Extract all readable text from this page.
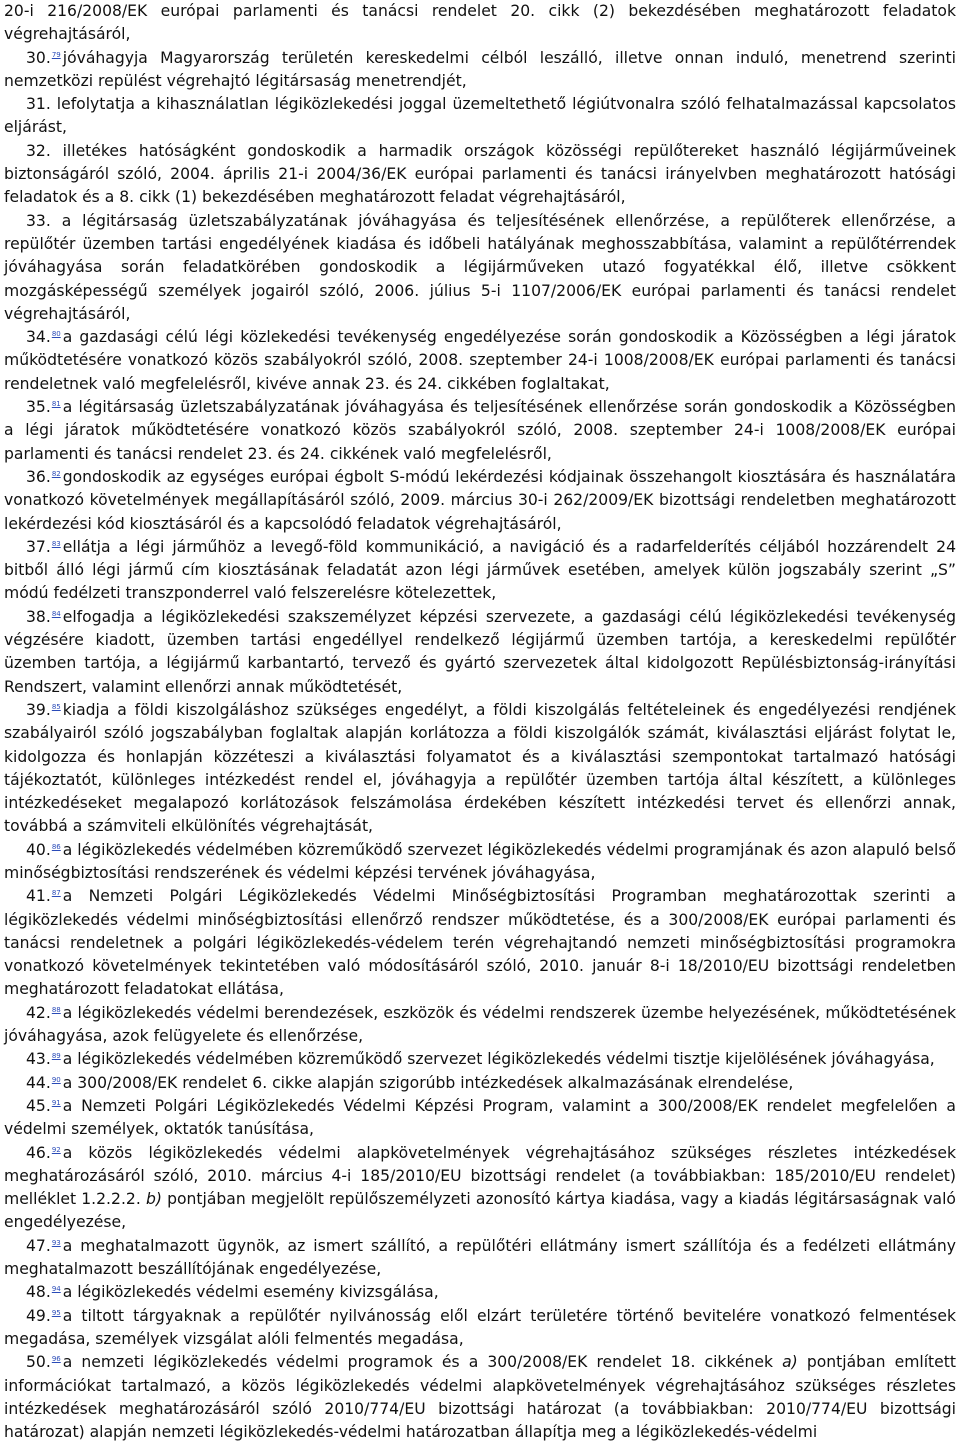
20-i 216/2008/EK európai parlamenti és tanácsi rendelet 20. cikk (2) bekezdésében meghatározott feladatok végrehajtásáról,

30.79 jóváhagyja Magyarország területén kereskedelmi célból leszálló, illetve onnan induló, menetrend szerinti nemzetközi repülést végrehajtó légitársaság menetrendjét,

31. lefolytatja a kihasználatlan légiközlekedési joggal üzemeltethető légiútvonalra szóló felhatalmazással kapcsolatos eljárást,

32. illetékes hatóságként gondoskodik a harmadik országok közösségi repülőtereket használó légijárműveinek biztonságáról szóló, 2004. április 21-i 2004/36/EK európai parlamenti és tanácsi irányelvben meghatározott hatósági feladatok és a 8. cikk (1) bekezdésében meghatározott feladat végrehajtásáról,

33. a légitársaság üzletszabályzatának jóváhagyása és teljesítésének ellenőrzése, a repülőterek ellenőrzése, a repülőtér üzemben tartási engedélyének kiadása és időbeli hatályának meghosszabbítása, valamint a repülőtérrendek jóváhagyása során feladatkörében gondoskodik a légijárműveken utazó fogyatékkal élő, illetve csökkent mozgásképességű személyek jogairól szóló, 2006. július 5-i 1107/2006/EK európai parlamenti és tanácsi rendelet végrehajtásáról,

34.80 a gazdasági célú légi közlekedési tevékenység engedélyezése során gondoskodik a Közösségben a légi járatok működtetésére vonatkozó közös szabályokról szóló, 2008. szeptember 24-i 1008/2008/EK európai parlamenti és tanácsi rendeletnek való megfelelésről, kivéve annak 23. és 24. cikkében foglaltakat,

35.81 a légitársaság üzletszabályzatának jóváhagyása és teljesítésének ellenőrzése során gondoskodik a Közösségben a légi járatok működtetésére vonatkozó közös szabályokról szóló, 2008. szeptember 24-i 1008/2008/EK európai parlamenti és tanácsi rendelet 23. és 24. cikkének való megfelelésről,

36.82 gondoskodik az egységes európai égbolt S-módú lekérdezési kódjainak összehangolt kiosztására és használatára vonatkozó követelmények megállapításáról szóló, 2009. március 30-i 262/2009/EK bizottsági rendeletben meghatározott lekérdezési kód kiosztásáról és a kapcsolódó feladatok végrehajtásáról,

37.83 ellátja a légi járműhöz a levegő-föld kommunikáció, a navigáció és a radarfelderítés céljából hozzárendelt 24 bitből álló légi jármű cím kiosztásának feladatát azon légi járművek esetében, amelyek külön jogszabály szerint „S” módú fedélzeti transzponderrel való felszerelésre kötelezettek,

38.84 elfogadja a légiközlekedési szakszemélyzet képzési szervezete, a gazdasági célú légiközlekedési tevékenység végzésére kiadott, üzemben tartási engedéllyel rendelkező légijármű üzemben tartója, a kereskedelmi repülőtér üzemben tartója, a légijármű karbantartó, tervező és gyártó szervezetek által kidolgozott Repülésbiztonság-irányítási Rendszert, valamint ellenőrzi annak működtetését,

39.85 kiadja a földi kiszolgáláshoz szükséges engedélyt, a földi kiszolgálás feltételeinek és engedélyezési rendjének szabályairól szóló jogszabályban foglaltak alapján korlátozza a földi kiszolgálók számát, kiválasztási eljárást folytat le, kidolgozza és honlapján közzéteszi a kiválasztási folyamatot és a kiválasztási szempontokat tartalmazó hatósági tájékoztatót, különleges intézkedést rendel el, jóváhagyja a repülőtér üzemben tartója által készített, a különleges intézkedéseket megalapozó korlátozások felszámolása érdekében készített intézkedési tervet és ellenőrzi annak, továbbá a számviteli elkülönítés végrehajtását,

40.86 a légiközlekedés védelmében közreműködő szervezet légiközlekedés védelmi programjának és azon alapuló belső minőségbiztosítási rendszerének és védelmi képzési tervének jóváhagyása,

41.87 a Nemzeti Polgári Légiközlekedés Védelmi Minőségbiztosítási Programban meghatározottak szerinti a légiközlekedés védelmi minőségbiztosítási ellenőrző rendszer működtetése, és a 300/2008/EK európai parlamenti és tanácsi rendeletnek a polgári légiközlekedés-védelem terén végrehajtandó nemzeti minőségbiztosítási programokra vonatkozó követelmények tekintetében való módosításáról szóló, 2010. január 8-i 18/2010/EU bizottsági rendeletben meghatározott feladatokat ellátása,

42.88 a légiközlekedés védelmi berendezések, eszközök és védelmi rendszerek üzembe helyezésének, működtetésének jóváhagyása, azok felügyelete és ellenőrzése,

43.89 a légiközlekedés védelmében közreműködő szervezet légiközlekedés védelmi tisztje kijelölésének jóváhagyása,

44.90 a 300/2008/EK rendelet 6. cikke alapján szigorúbb intézkedések alkalmazásának elrendelése,

45.91 a Nemzeti Polgári Légiközlekedés Védelmi Képzési Program, valamint a 300/2008/EK rendelet megfelelően a védelmi személyek, oktatók tanúsítása,

46.92 a közös légiközlekedés védelmi alapkövetelmények végrehajtásához szükséges részletes intézkedések meghatározásáról szóló, 2010. március 4-i 185/2010/EU bizottsági rendelet (a továbbiakban: 185/2010/EU rendelet) melléklet 1.2.2.2. b) pontjában megjelölt repülőszemélyzeti azonosító kártya kiadása, vagy a kiadás légitársaságnak való engedélyezése,

47.93 a meghatalmazott ügynök, az ismert szállító, a repülőtéri ellátmány ismert szállítója és a fedélzeti ellátmány meghatalmazott beszállítójának engedélyezése,

48.94 a légiközlekedés védelmi esemény kivizsgálása,

49.95 a tiltott tárgyaknak a repülőtér nyilvánosság elől elzárt területére történő bevitelére vonatkozó felmentések megadása, személyek vizsgálat alóli felmentés megadása,

50.96 a nemzeti légiközlekedés védelmi programok és a 300/2008/EK rendelet 18. cikkének a) pontjában említett információkat tartalmazó, a közös légiközlekedés védelmi alapkövetelmények végrehajtásához szükséges részletes intézkedések meghatározásáról szóló 2010/774/EU bizottsági határozat (a továbbiakban: 2010/774/EU bizottsági határozat) alapján nemzeti légiközlekedés-védelmi határozatban állapítja meg a légiközlekedés-védelmi
